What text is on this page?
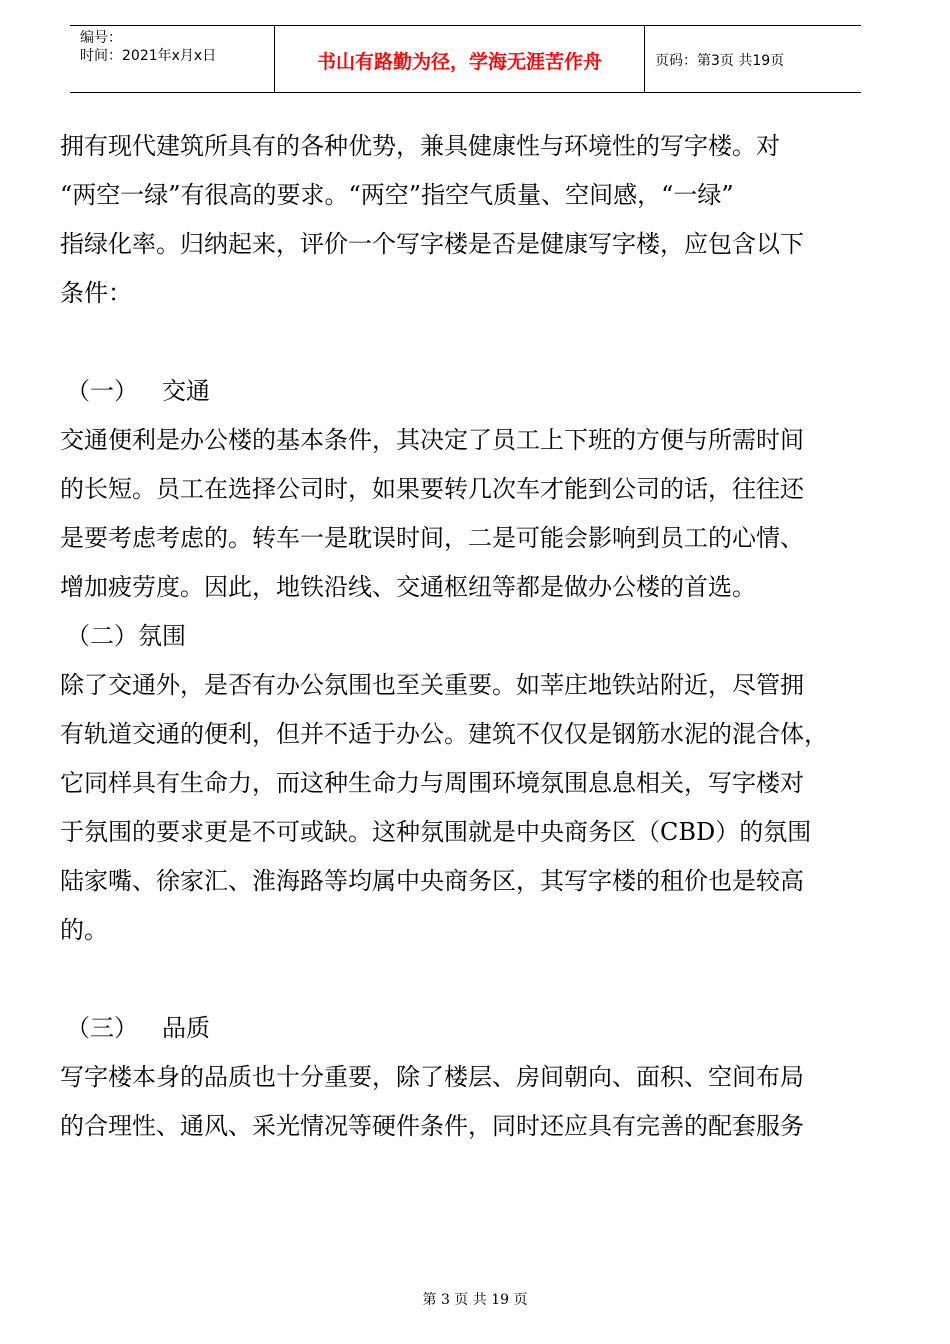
编号：
时间：2021年x月x日	书山有路勤为径，学海无涯苦作舟	页码：第3页 共19页

拥有现代建筑所具有的各种优势，兼具健康性与环境性的写字楼。对

“两空一绿”有很高的要求。“两空”指空气质量、空间感，“一绿”

指绿化率。归纳起来，评价一个写字楼是否是健康写字楼，应包含以下

条件：

（一）	交通

交通便利是办公楼的基本条件，其决定了员工上下班的方便与所需时间

的长短。员工在选择公司时，如果要转几次车才能到公司的话，往往还

是要考虑考虑的。转车一是耽误时间，二是可能会影响到员工的心情、

增加疲劳度。因此，地铁沿线、交通枢纽等都是做办公楼的首选。

（二）氛围

除了交通外，是否有办公氛围也至关重要。如莘庄地铁站附近，尽管拥

有轨道交通的便利，但并不适于办公。建筑不仅仅是钢筋水泥的混合体，

它同样具有生命力，而这种生命力与周围环境氛围息息相关，写字楼对

于氛围的要求更是不可或缺。这种氛围就是中央商务区（CBD）的氛围

陆家嘴、徐家汇、淮海路等均属中央商务区，其写字楼的租价也是较高

的。

（三）	品质

写字楼本身的品质也十分重要，除了楼层、房间朝向、面积、空间布局

的合理性、通风、采光情况等硬件条件，同时还应具有完善的配套服务

第 3 页 共 19 页
